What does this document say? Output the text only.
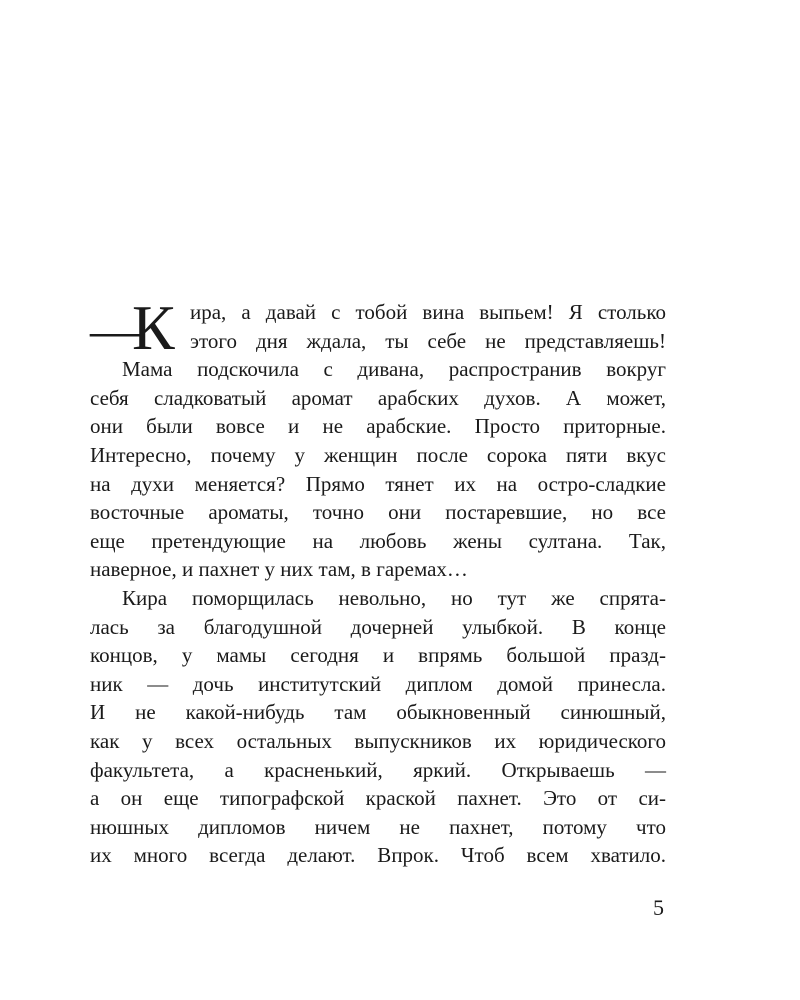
—
К ира, а давай с тобой вина выпьем! Я столько
этого дня ждала, ты себе не представляешь!
Мама подскочила с дивана, распространив вокруг
себя сладковатый аромат арабских духов. А может,
они были вовсе и не арабские. Просто приторные.
Интересно, почему у женщин после сорока пяти вкус
на духи меняется? Прямо тянет их на остро-сладкие
восточные ароматы, точно они постаревшие, но все
еще претендующие на любовь жены султана. Так,
наверное, и пахнет у них там, в гаремах…
Кира поморщилась невольно, но тут же спрята-
лась за благодушной дочерней улыбкой. В конце
концов, у мамы сегодня и впрямь большой празд-
ник — дочь институтский диплом домой принесла.
И не какой-нибудь там обыкновенный синюшный,
как у всех остальных выпускников их юридического
факультета, а красненький, яркий. Открываешь —
а он еще типографской краской пахнет. Это от си-
нюшных дипломов ничем не пахнет, потому что
их много всегда делают. Впрок. Чтоб всем хватило.
5
